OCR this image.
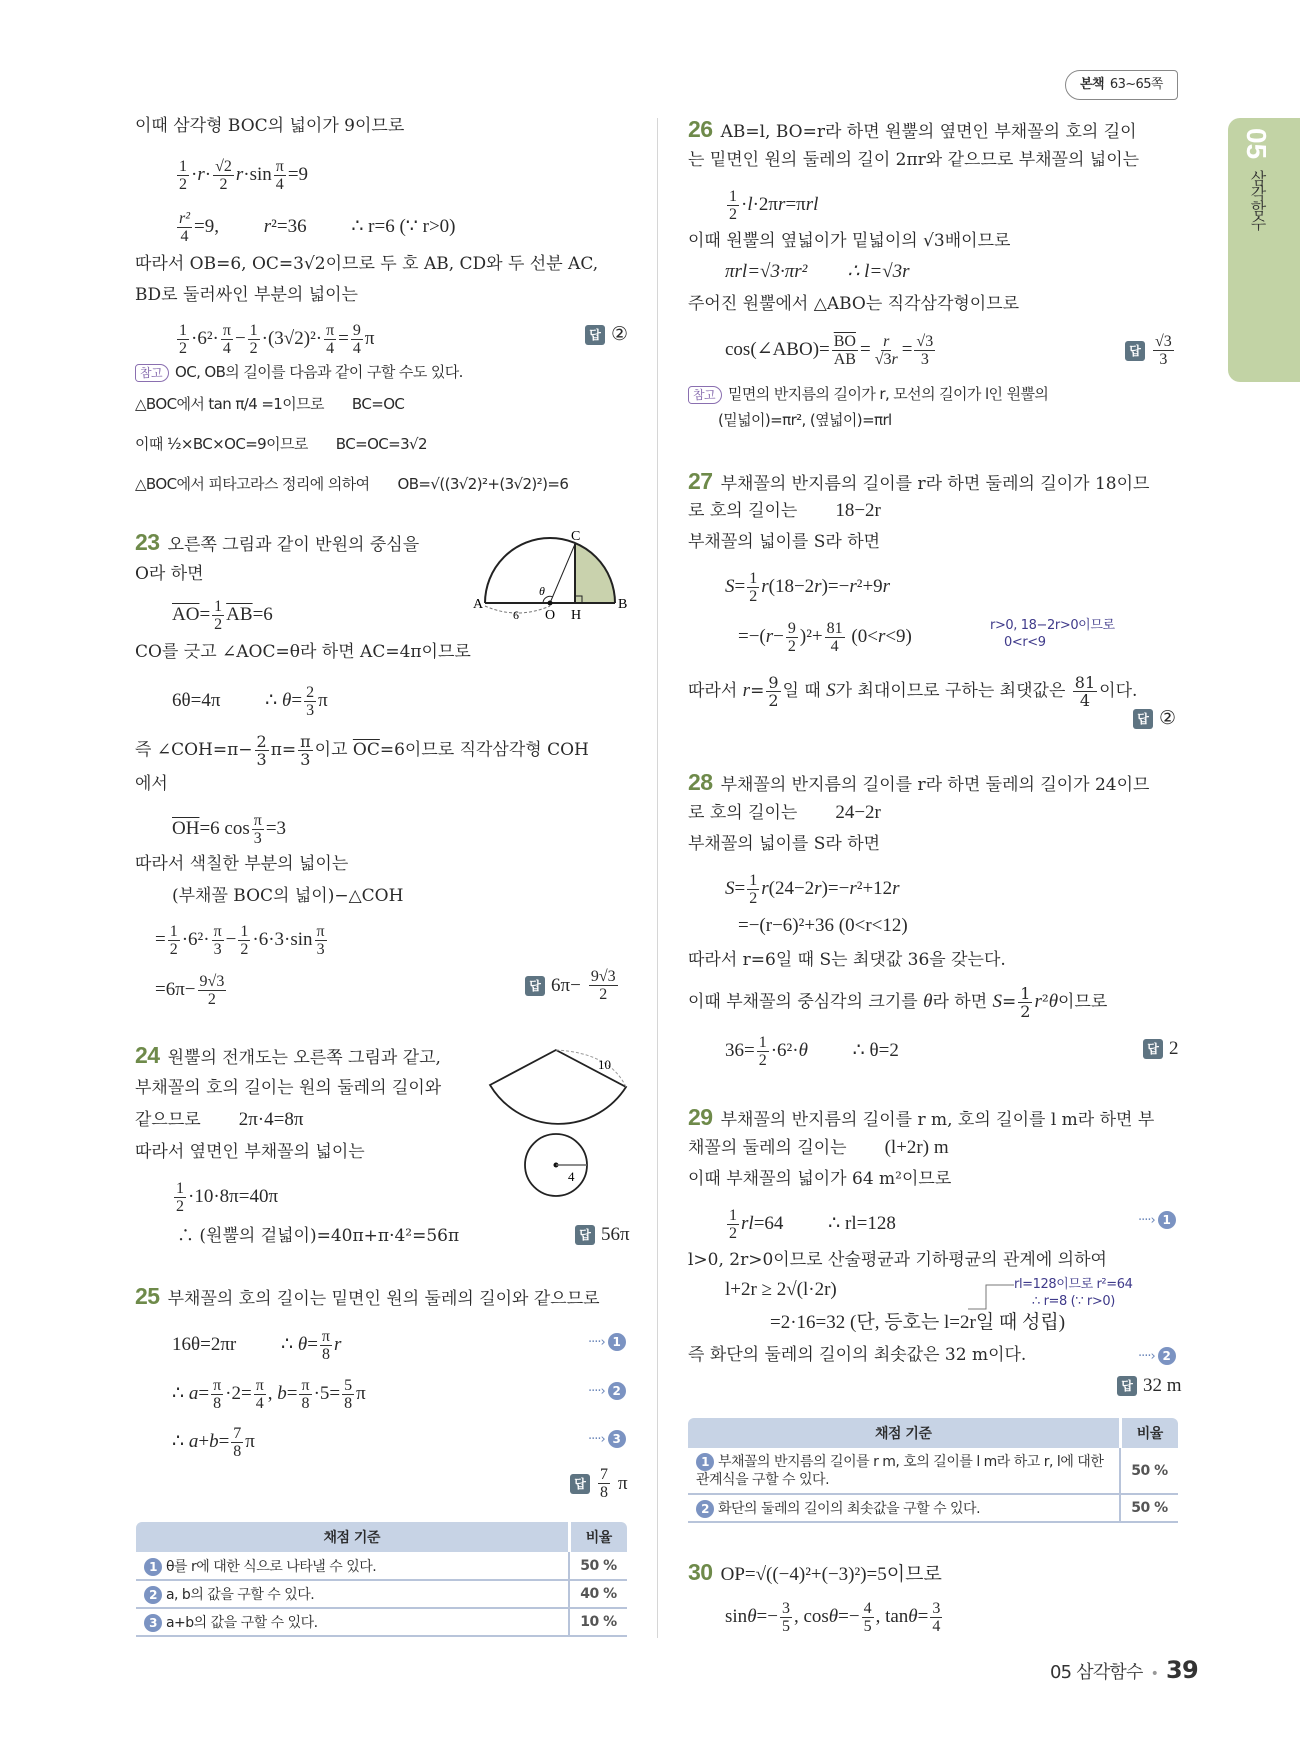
본책 63~65쪽
05
삼각함수
이때 삼각형 BOC의 넓이가 9이므로
$\frac{1}{2} \cdot r\cdot \frac{√2}{2} r\cdot\sin \frac{\pi}{4} =9$
$\frac{\text{r²}}{4} =9$, r²=36 ∴ r=6 (∵ r>0)
따라서 OB=6, OC=3√2이므로 두 호 AB, CD와 두 선분 AC,
BD로 둘러싸인 부분의 넓이는
$\frac{1}{2} \cdot 6^2\cdot \frac{\pi}{4} - \frac{1}{2} \cdot(3√2)^2\cdot \frac{\pi}{4} = \frac{9}{4}$ π	답 ②
참고 OC, OB의 길이를 다음과 같이 구할 수도 있다.
△BOC에서 tan π/4 =1이므로 BC=OC
이때 ½×BC×OC=9이므로 BC=OC=3√2
△BOC에서 피타고라스 정리에 의하여 OB=√((3√2)²+(3√2)²)=6
23 오른쪽 그림과 같이 반원의 중심을
O라 하면
$\overline{AO}= \frac{1}{2} \overline{AB}=6$	A	B
C
O H
θ
6
CO를 긋고 ∠AOC=θ라 하면 AC=4π이므로
6θ=4π ∴ $\theta= \frac{2}{3}$ π
즉 ∠COH=π− $\frac{2}{3} \pi= \frac{\pi}{3}$ 이고 $\overline{OC}=6$이므로 직각삼각형 COH
에서
$\overline{OH}=6$ $\cos \frac{\pi}{3} =3$
따라서 색칠한 부분의 넓이는
(부채꼴 BOC의 넓이)−△COH
= $\frac{1}{2} \cdot 6^2\cdot \frac{\pi}{3} - \frac{1}{2} \cdot 6\cdot 3\cdot\sin \frac{\pi}{3}$
$=6\pi- \frac{9√3}{2}$	답 $6\pi- \frac{9√3}{2}$
24 원뿔의 전개도는 오른쪽 그림과 같고,
부채꼴의 호의 길이는 원의 둘레의 길이와
같으므로 2π·4=8π
따라서 옆면인 부채꼴의 넓이는
$\frac{1}{2} \cdot 10\cdot 8\pi=40\pi$
∴ (원뿔의 겉넓이)=40π+π·4²=56π	답 56π
10
4
25 부채꼴의 호의 길이는 밑면인 원의 둘레의 길이와 같으므로
16θ=2πr ∴ $\theta= \frac{\pi}{8}$ r	····› 1
∴ $a= \frac{\pi}{8} \cdot 2= \frac{\pi}{4}$ , $b= \frac{\pi}{8} \cdot 5= \frac{5}{8}$ π	····› 2
∴ $a+b= \frac{7}{8}$ π	····› 3
답 $\frac{7}{8}$ π
채점 기준	비율
1 θ를 r에 대한 식으로 나타낼 수 있다.	50 %
2 a, b의 값을 구할 수 있다.	40 %
3 a+b의 값을 구할 수 있다.	10 %
26 AB=l, BO=r라 하면 원뿔의 옆면인 부채꼴의 호의 길이
는 밑면인 원의 둘레의 길이 2πr와 같으므로 부채꼴의 넓이는
$\frac{1}{2} \cdot l\cdot 2\pi r=\pi rl$
이때 원뿔의 옆넓이가 밑넓이의 √3배이므로
πrl=√3·πr² ∴ l=√3r
주어진 원뿔에서 △ABO는 직각삼각형이므로
cos(∠ABO)= $\frac{\overline{BO}}{AB} = \frac{r}{√3r} = \frac{√3}{3}$	답 $\frac{√3}{3}$
참고 밑면의 반지름의 길이가 r, 모선의 길이가 l인 원뿔의
(밑넓이)=πr², (옆넓이)=πrl
27 부채꼴의 반지름의 길이를 r라 하면 둘레의 길이가 18이므
로 호의 길이는 18−2r
부채꼴의 넓이를 S라 하면
$S= \frac{1}{2} r(18-2r)=-r^2+9r$
$=-(r- \frac{9}{2} )^2+ \frac{81}{4} (0<r<9)$
r>0, 18−2r>0이므로
0<r<9
따라서 $r= \frac{9}{2}$ 일 때 S가 최대이므로 구하는 최댓값은 $\frac{81}{4}$ 이다.
답 ②
28 부채꼴의 반지름의 길이를 r라 하면 둘레의 길이가 24이므
로 호의 길이는 24−2r
부채꼴의 넓이를 S라 하면
$S= \frac{1}{2} r(24-2r)=-r^2+12r$
=−(r−6)²+36 (0<r<12)
따라서 r=6일 때 S는 최댓값 36을 갖는다.
이때 부채꼴의 중심각의 크기를 θ라 하면 $S= \frac{1}{2} r^2\theta$이므로
$36= \frac{1}{2} \cdot 6^2\cdot\theta$ ∴ θ=2	답 2
29 부채꼴의 반지름의 길이를 r m, 호의 길이를 l m라 하면 부
채꼴의 둘레의 길이는 (l+2r) m
이때 부채꼴의 넓이가 64 m²이므로
$\frac{1}{2} rl=64$ ∴ rl=128	····› 1
l>0, 2r>0이므로 산술평균과 기하평균의 관계에 의하여
l+2r ≥ 2√(l·2r)	rl=128이므로 r²=64
∴ r=8 (∵ r>0)
=2·16=32 (단, 등호는 l=2r일 때 성립)
즉 화단의 둘레의 길이의 최솟값은 32 m이다.	····› 2
답 32 m
채점 기준	비율
1 부채꼴의 반지름의 길이를 r m, 호의 길이를 l m라 하고 r, l에 대한 관계식을 구할 수 있다.	50 %
2 화단의 둘레의 길이의 최솟값을 구할 수 있다.	50 %
30 OP=√((−4)²+(−3)²)=5이므로
$\sin\theta=- \frac{3}{5}$ , $\cos\theta=- \frac{4}{5}$ , $\tan\theta= \frac{3}{4}$
05 삼각함수 • 39
